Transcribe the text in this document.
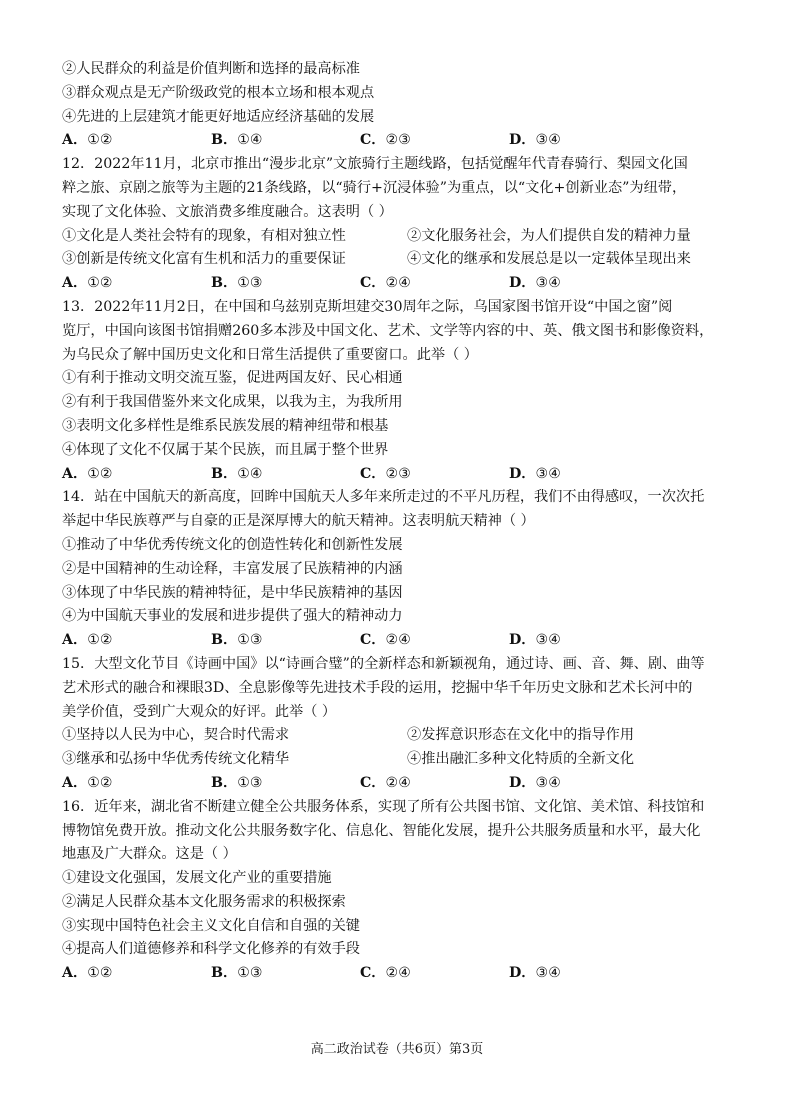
②人民群众的利益是价值判断和选择的最高标准
③群众观点是无产阶级政党的根本立场和根本观点
④先进的上层建筑才能更好地适应经济基础的发展
A．①②	B．①④	C．②③	D．③④
12．2022年11月，北京市推出“漫步北京”文旅骑行主题线路，包括觉醒年代青春骑行、梨园文化国
粹之旅、京剧之旅等为主题的21条线路，以“骑行+沉浸体验”为重点，以“文化+创新业态”为纽带，
实现了文化体验、文旅消费多维度融合。这表明（ ）
①文化是人类社会特有的现象，有相对独立性	②文化服务社会，为人们提供自发的精神力量
③创新是传统文化富有生机和活力的重要保证	④文化的继承和发展总是以一定载体呈现出来
A．①②	B．①③	C．②④	D．③④
13．2022年11月2日，在中国和乌兹别克斯坦建交30周年之际，乌国家图书馆开设“中国之窗”阅
览厅，中国向该图书馆捐赠260多本涉及中国文化、艺术、文学等内容的中、英、俄文图书和影像资料，
为乌民众了解中国历史文化和日常生活提供了重要窗口。此举（ ）
①有利于推动文明交流互鉴，促进两国友好、民心相通
②有利于我国借鉴外来文化成果，以我为主，为我所用
③表明文化多样性是维系民族发展的精神纽带和根基
④体现了文化不仅属于某个民族，而且属于整个世界
A．①②	B．①④	C．②③	D．③④
14．站在中国航天的新高度，回眸中国航天人多年来所走过的不平凡历程，我们不由得感叹，一次次托
举起中华民族尊严与自豪的正是深厚博大的航天精神。这表明航天精神（ ）
①推动了中华优秀传统文化的创造性转化和创新性发展
②是中国精神的生动诠释，丰富发展了民族精神的内涵
③体现了中华民族的精神特征，是中华民族精神的基因
④为中国航天事业的发展和进步提供了强大的精神动力
A．①②	B．①③	C．②④	D．③④
15．大型文化节目《诗画中国》以“诗画合璧”的全新样态和新颖视角，通过诗、画、音、舞、剧、曲等
艺术形式的融合和裸眼3D、全息影像等先进技术手段的运用，挖掘中华千年历史文脉和艺术长河中的
美学价值，受到广大观众的好评。此举（ ）
①坚持以人民为中心，契合时代需求	②发挥意识形态在文化中的指导作用
③继承和弘扬中华优秀传统文化精华	④推出融汇多种文化特质的全新文化
A．①②	B．①③	C．②④	D．③④
16．近年来，湖北省不断建立健全公共服务体系，实现了所有公共图书馆、文化馆、美术馆、科技馆和
博物馆免费开放。推动文化公共服务数字化、信息化、智能化发展，提升公共服务质量和水平，最大化
地惠及广大群众。这是（ ）
①建设文化强国，发展文化产业的重要措施
②满足人民群众基本文化服务需求的积极探索
③实现中国特色社会主义文化自信和自强的关键
④提高人们道德修养和科学文化修养的有效手段
A．①②	B．①③	C．②④	D．③④
高二政治试卷（共6页）第3页
